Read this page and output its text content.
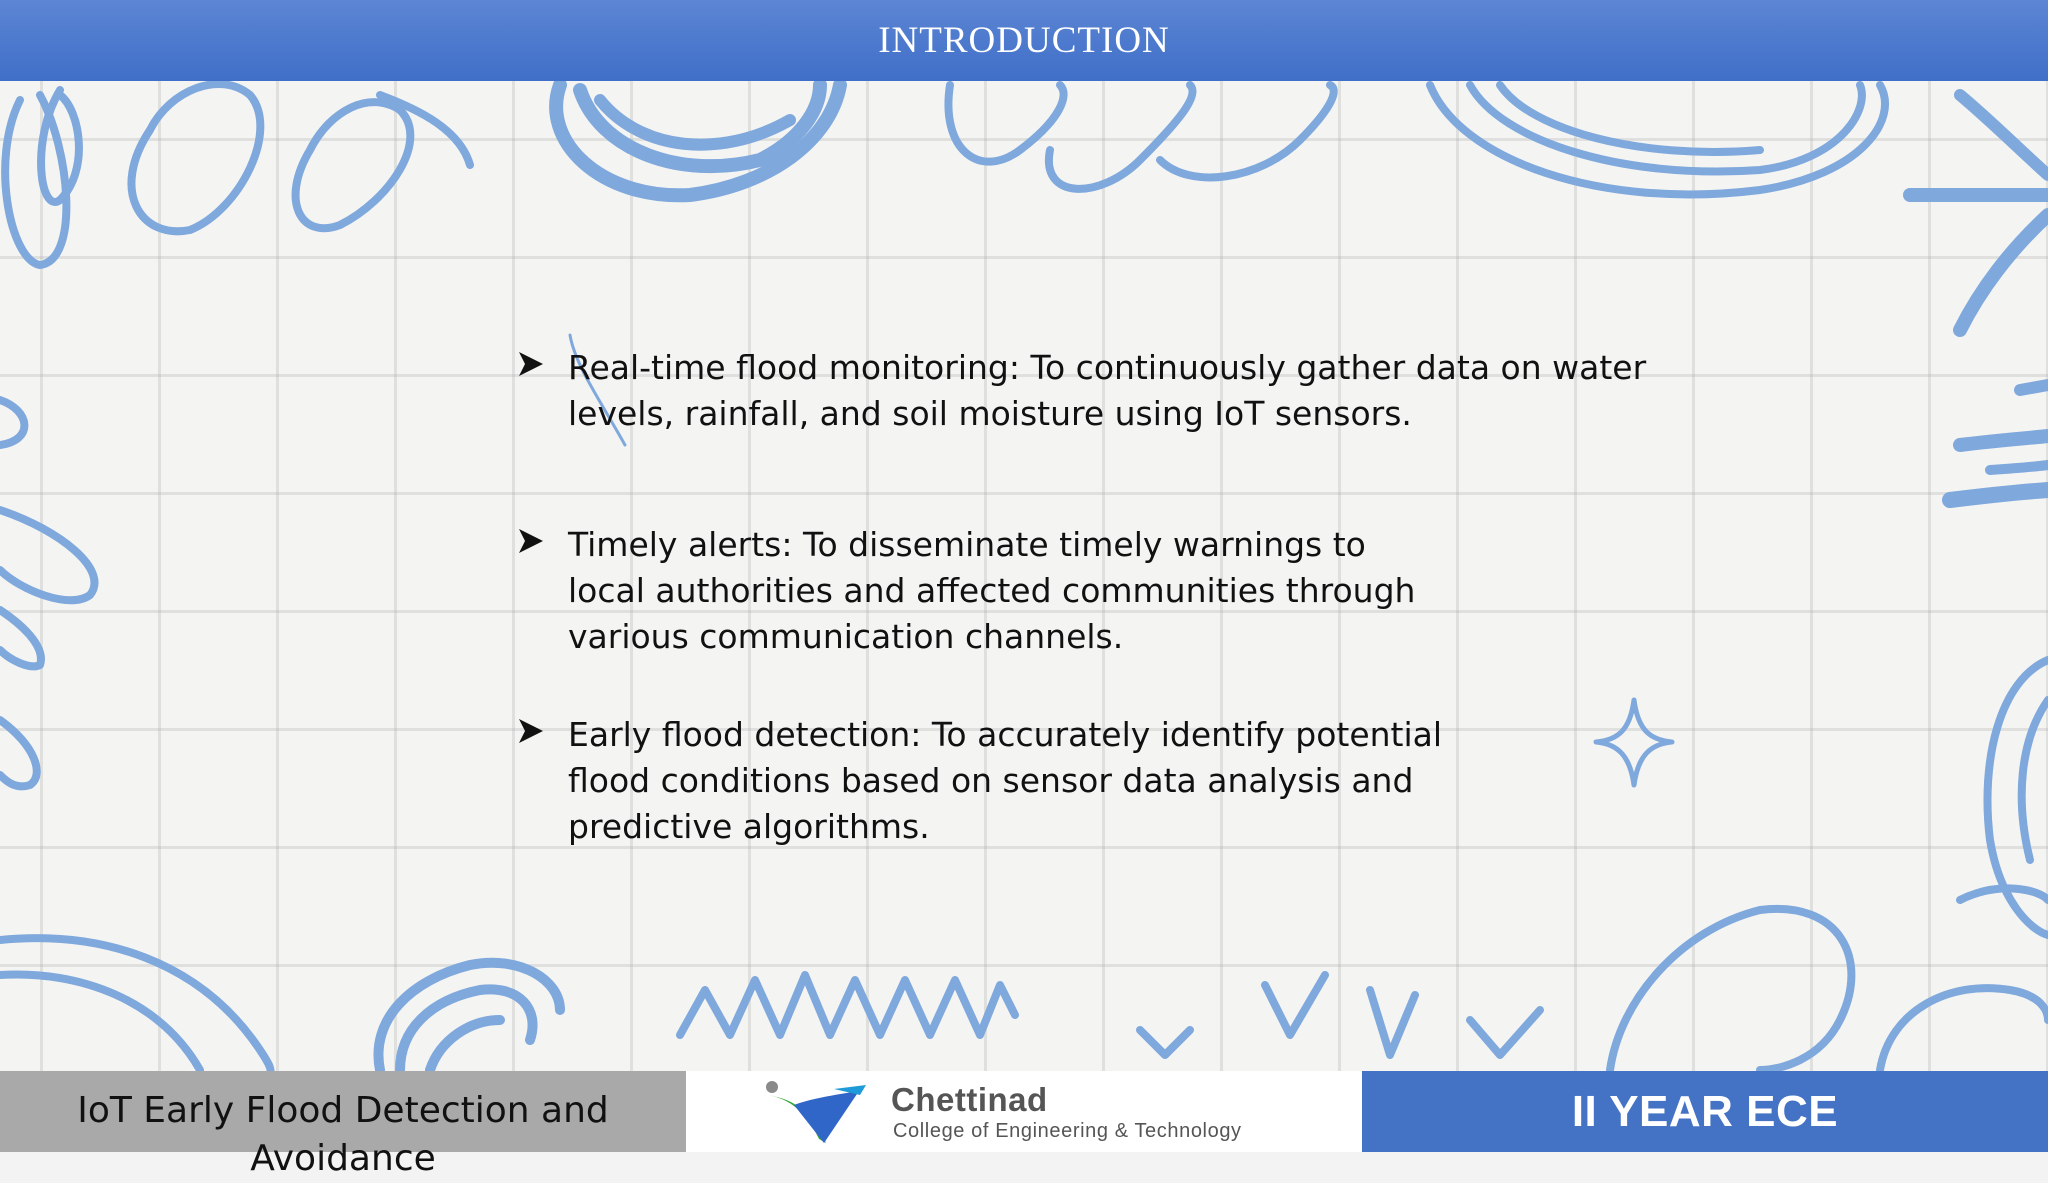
INTRODUCTION
Real-time flood monitoring: To continuously gather data on water levels, rainfall, and soil moisture using IoT sensors.
Timely alerts: To disseminate timely warnings to local authorities and affected communities through various communication channels.
Early flood detection: To accurately identify potential flood conditions based on sensor data analysis and predictive algorithms.
IoT Early Flood Detection and Avoidance
Chettinad
College of Engineering & Technology	II YEAR ECE
